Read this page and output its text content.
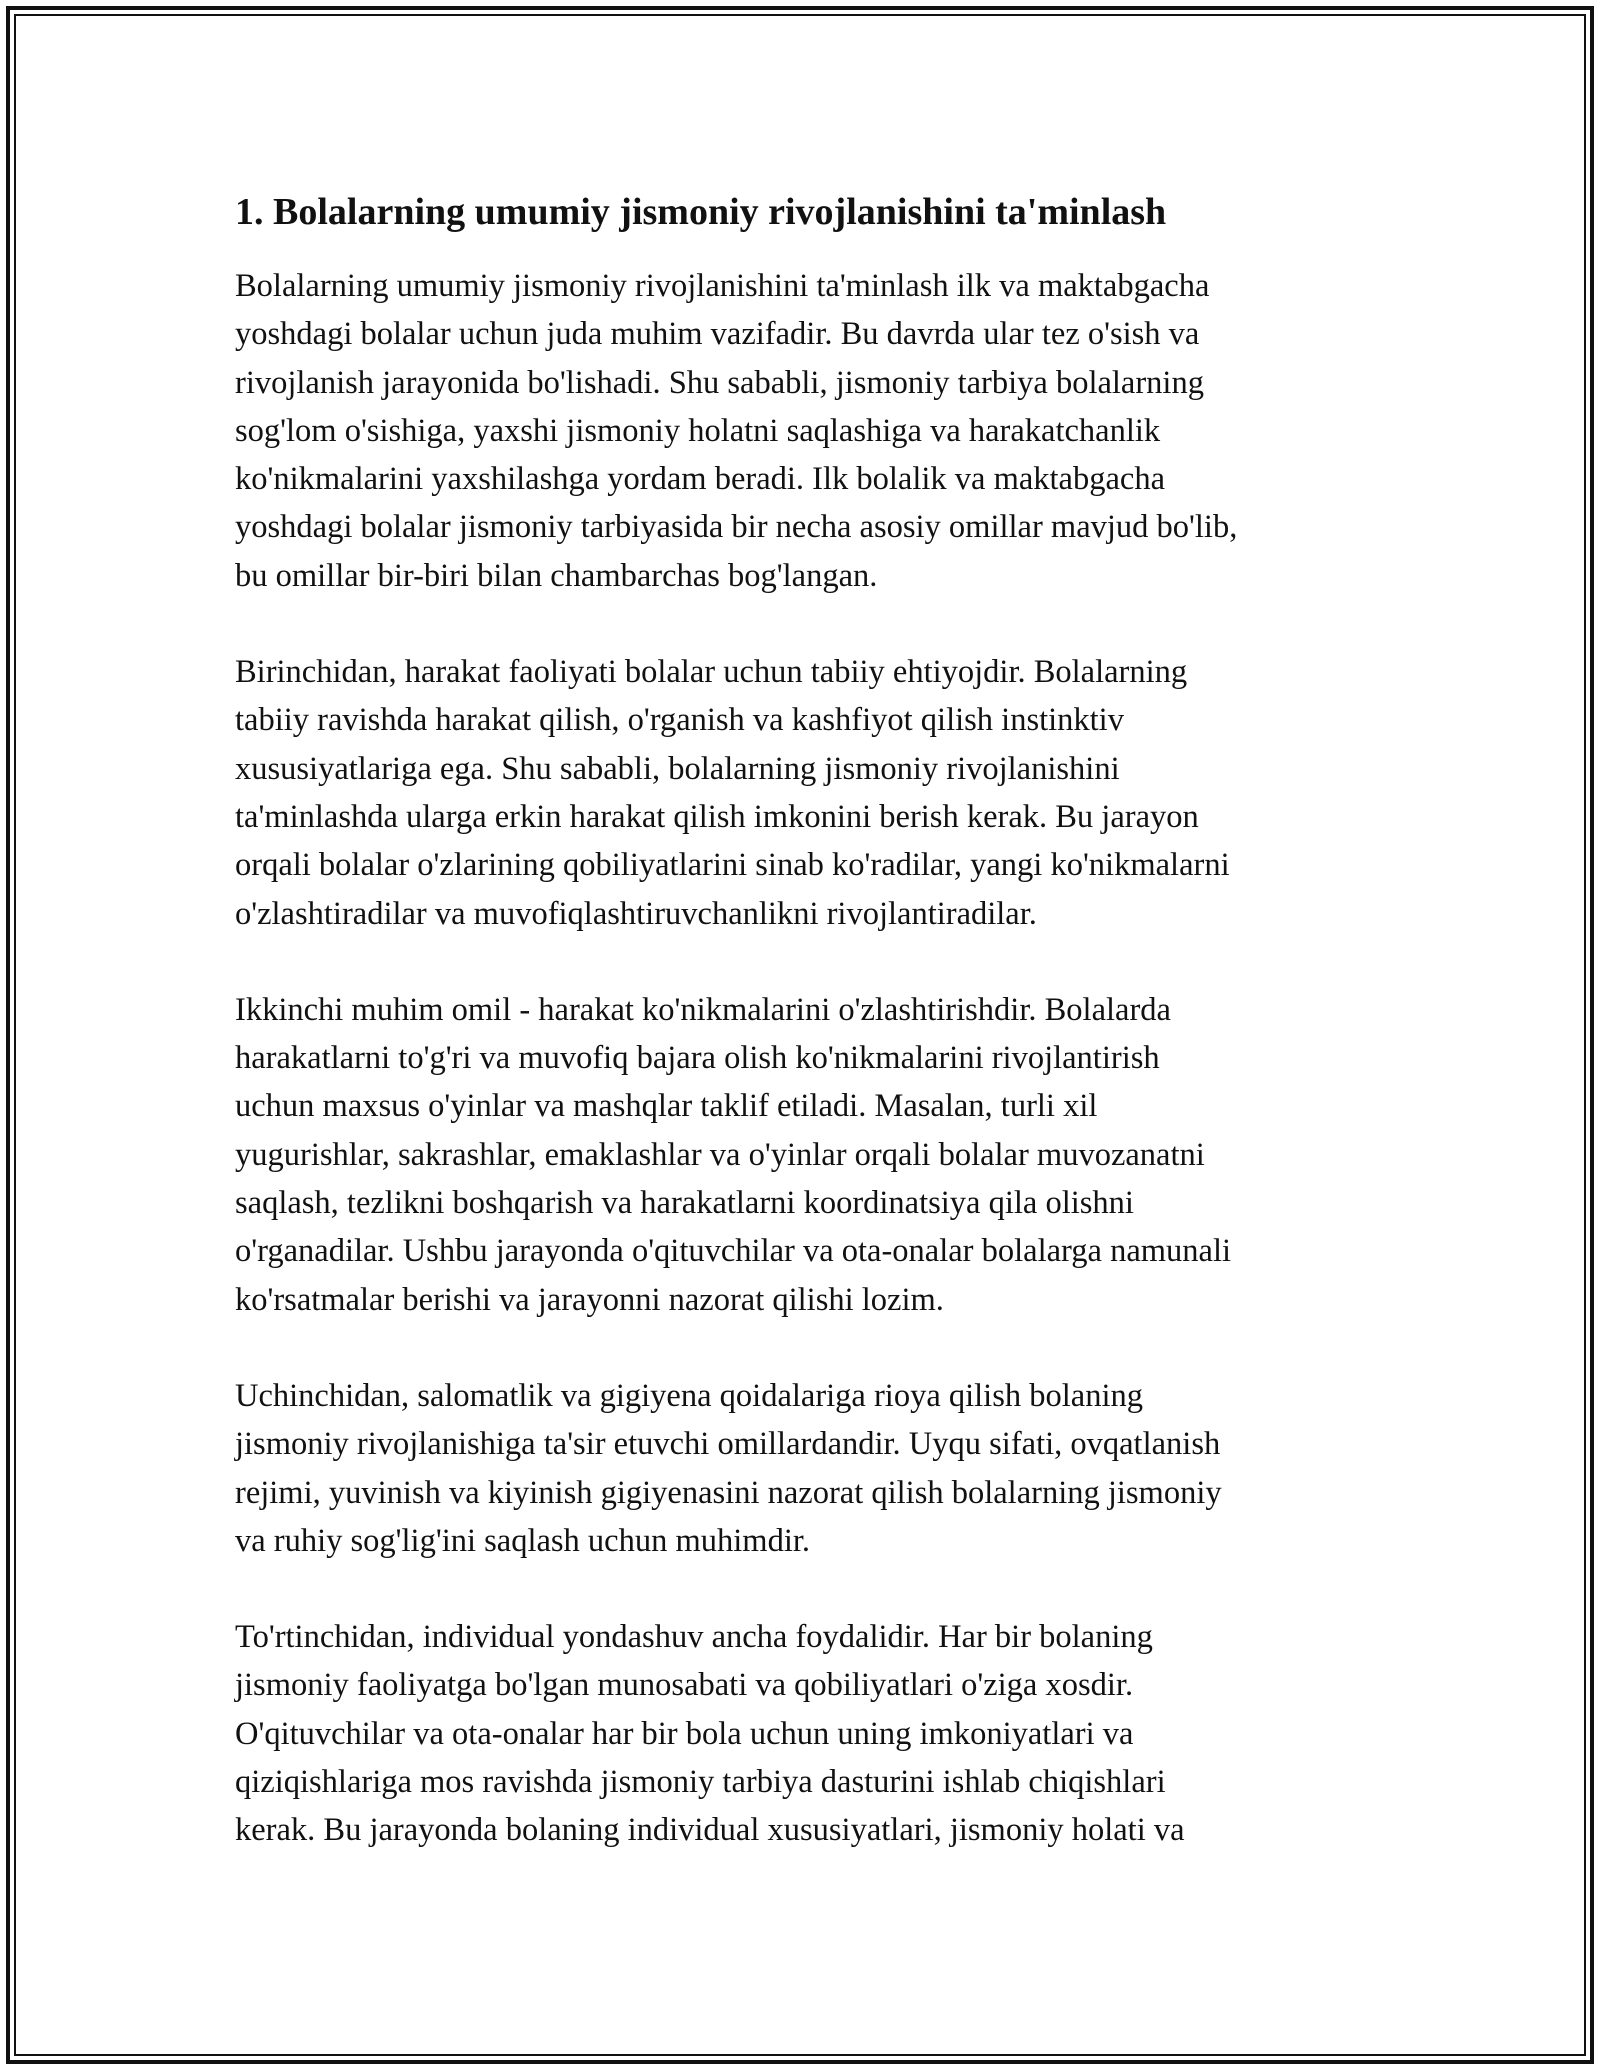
1. Bolalarning umumiy jismoniy rivojlanishini ta'minlash

Bolalarning umumiy jismoniy rivojlanishini ta'minlash ilk va maktabgacha
yoshdagi bolalar uchun juda muhim vazifadir. Bu davrda ular tez o'sish va
rivojlanish jarayonida bo'lishadi. Shu sababli, jismoniy tarbiya bolalarning
sog'lom o'sishiga, yaxshi jismoniy holatni saqlashiga va harakatchanlik
ko'nikmalarini yaxshilashga yordam beradi. Ilk bolalik va maktabgacha
yoshdagi bolalar jismoniy tarbiyasida bir necha asosiy omillar mavjud bo'lib,
bu omillar bir-biri bilan chambarchas bog'langan.

Birinchidan, harakat faoliyati bolalar uchun tabiiy ehtiyojdir. Bolalarning
tabiiy ravishda harakat qilish, o'rganish va kashfiyot qilish instinktiv
xususiyatlariga ega. Shu sababli, bolalarning jismoniy rivojlanishini
ta'minlashda ularga erkin harakat qilish imkonini berish kerak. Bu jarayon
orqali bolalar o'zlarining qobiliyatlarini sinab ko'radilar, yangi ko'nikmalarni
o'zlashtiradilar va muvofiqlashtiruvchanlikni rivojlantiradilar.

Ikkinchi muhim omil - harakat ko'nikmalarini o'zlashtirishdir. Bolalarda
harakatlarni to'g'ri va muvofiq bajara olish ko'nikmalarini rivojlantirish
uchun maxsus o'yinlar va mashqlar taklif etiladi. Masalan, turli xil
yugurishlar, sakrashlar, emaklashlar va o'yinlar orqali bolalar muvozanatni
saqlash, tezlikni boshqarish va harakatlarni koordinatsiya qila olishni
o'rganadilar. Ushbu jarayonda o'qituvchilar va ota-onalar bolalarga namunali
ko'rsatmalar berishi va jarayonni nazorat qilishi lozim.

Uchinchidan, salomatlik va gigiyena qoidalariga rioya qilish bolaning
jismoniy rivojlanishiga ta'sir etuvchi omillardandir. Uyqu sifati, ovqatlanish
rejimi, yuvinish va kiyinish gigiyenasini nazorat qilish bolalarning jismoniy
va ruhiy sog'lig'ini saqlash uchun muhimdir.

To'rtinchidan, individual yondashuv ancha foydalidir. Har bir bolaning
jismoniy faoliyatga bo'lgan munosabati va qobiliyatlari o'ziga xosdir.
O'qituvchilar va ota-onalar har bir bola uchun uning imkoniyatlari va
qiziqishlariga mos ravishda jismoniy tarbiya dasturini ishlab chiqishlari
kerak. Bu jarayonda bolaning individual xususiyatlari, jismoniy holati va
